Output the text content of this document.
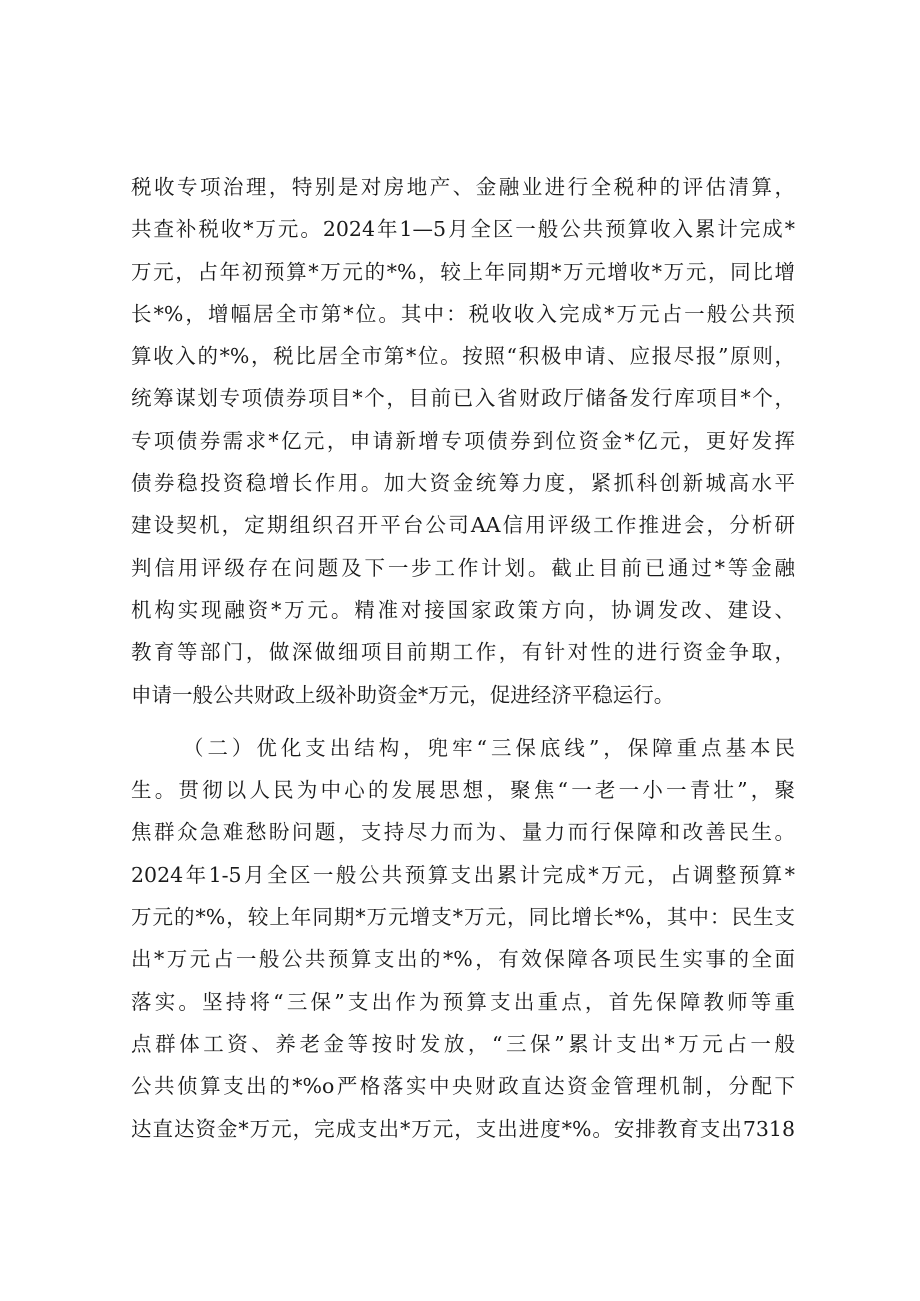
税收专项治理，特别是对房地产、金融业进行全税种的评估清算，
共查补税收*万元。2024年1—5月全区一般公共预算收入累计完成*
万元，占年初预算*万元的*%，较上年同期*万元增收*万元，同比增
长*%，增幅居全市第*位。其中：税收收入完成*万元占一般公共预
算收入的*%，税比居全市第*位。按照“积极申请、应报尽报”原则，
统筹谋划专项债券项目*个，目前已入省财政厅储备发行库项目*个，
专项债券需求*亿元，申请新增专项债券到位资金*亿元，更好发挥
债券稳投资稳增长作用。加大资金统筹力度，紧抓科创新城高水平
建设契机，定期组织召开平台公司AA信用评级工作推进会，分析研
判信用评级存在问题及下一步工作计划。截止目前已通过*等金融
机构实现融资*万元。精准对接国家政策方向，协调发改、建设、
教育等部门，做深做细项目前期工作，有针对性的进行资金争取，
申请一般公共财政上级补助资金*万元，促进经济平稳运行。
（二）优化支出结构，兜牢“三保底线”，保障重点基本民
生。贯彻以人民为中心的发展思想，聚焦“一老一小一青壮”，聚
焦群众急难愁盼问题，支持尽力而为、量力而行保障和改善民生。
2024年1-5月全区一般公共预算支出累计完成*万元，占调整预算*
万元的*%，较上年同期*万元增支*万元，同比增长*%，其中：民生支
出*万元占一般公共预算支出的*%，有效保障各项民生实事的全面
落实。坚持将“三保”支出作为预算支出重点，首先保障教师等重
点群体工资、养老金等按时发放，“三保”累计支出*万元占一般
公共侦算支出的*%o严格落实中央财政直达资金管理机制，分配下
达直达资金*万元，完成支出*万元，支出进度*%。安排教育支出7318
